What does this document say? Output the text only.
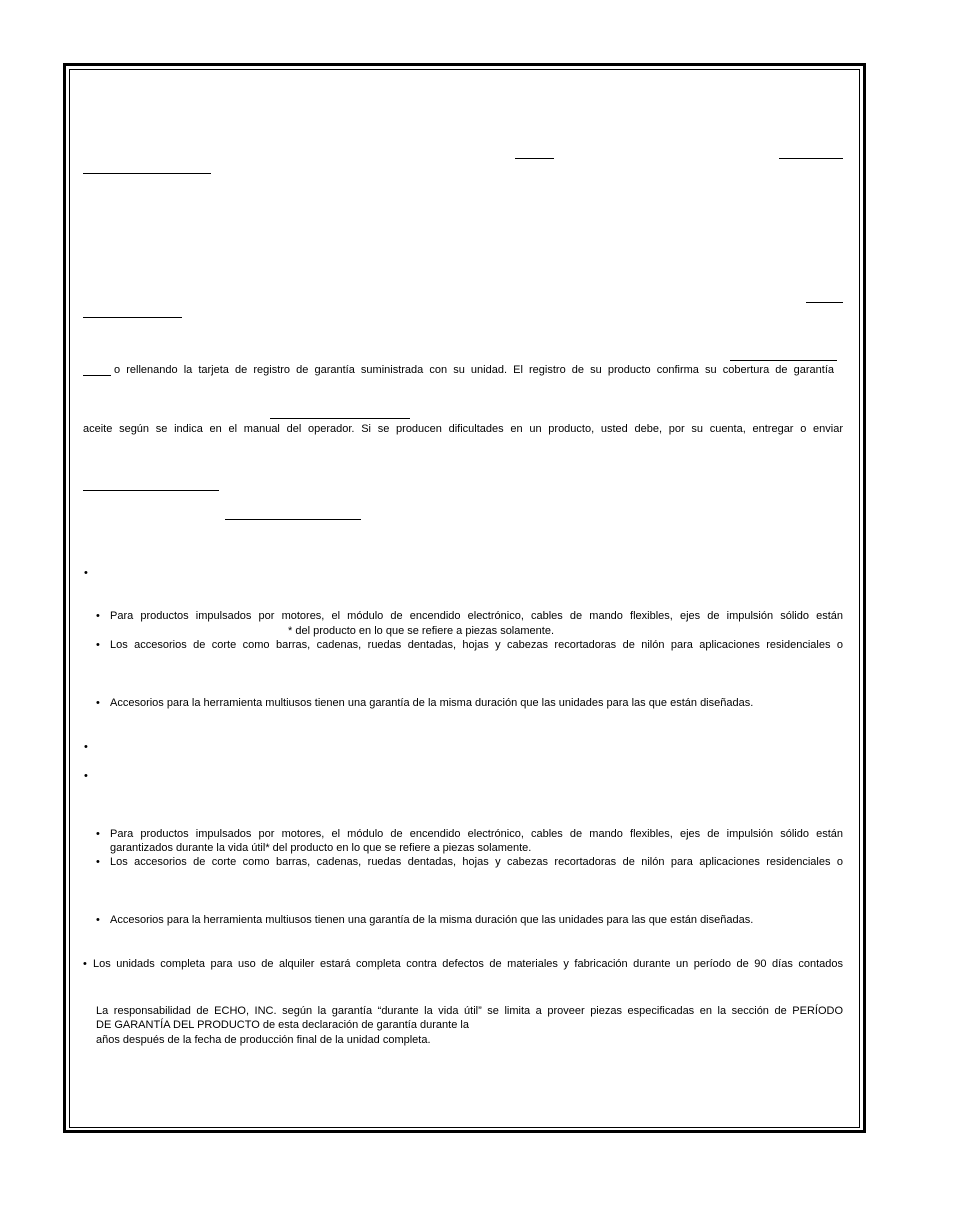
o rellenando la tarjeta de registro de garantía suministrada con su unidad. El registro de su producto confirma su cobertura de garantía
aceite según se indica en el manual del operador. Si se producen dificultades en un producto, usted debe, por su cuenta, entregar o enviar
•
• Para productos impulsados por motores, el módulo de encendido electrónico, cables de mando flexibles, ejes de impulsión sólido están
* del producto en lo que se refiere a piezas solamente.
• Los accesorios de corte como barras, cadenas, ruedas dentadas, hojas y cabezas recortadoras de nilón para aplicaciones residenciales o
• Accesorios para la herramienta multiusos tienen una garantía de la misma duración que las unidades para las que están diseñadas.
•
•
• Para productos impulsados por motores, el módulo de encendido electrónico, cables de mando flexibles, ejes de impulsión sólido están
garantizados durante la vida útil* del producto en lo que se refiere a piezas solamente.
• Los accesorios de corte como barras, cadenas, ruedas dentadas, hojas y cabezas recortadoras de nilón para aplicaciones residenciales o
• Accesorios para la herramienta multiusos tienen una garantía de la misma duración que las unidades para las que están diseñadas.
• Los unidads completa para uso de alquiler estará completa contra defectos de materiales y fabricación durante un período de 90 días contados
La responsabilidad de ECHO, INC. según la garantía “durante la vida útil” se limita a proveer piezas especificadas en la sección de PERÍODO
DE GARANTÍA DEL PRODUCTO de esta declaración de garantía durante la
años después de la fecha de producción final de la unidad completa.
